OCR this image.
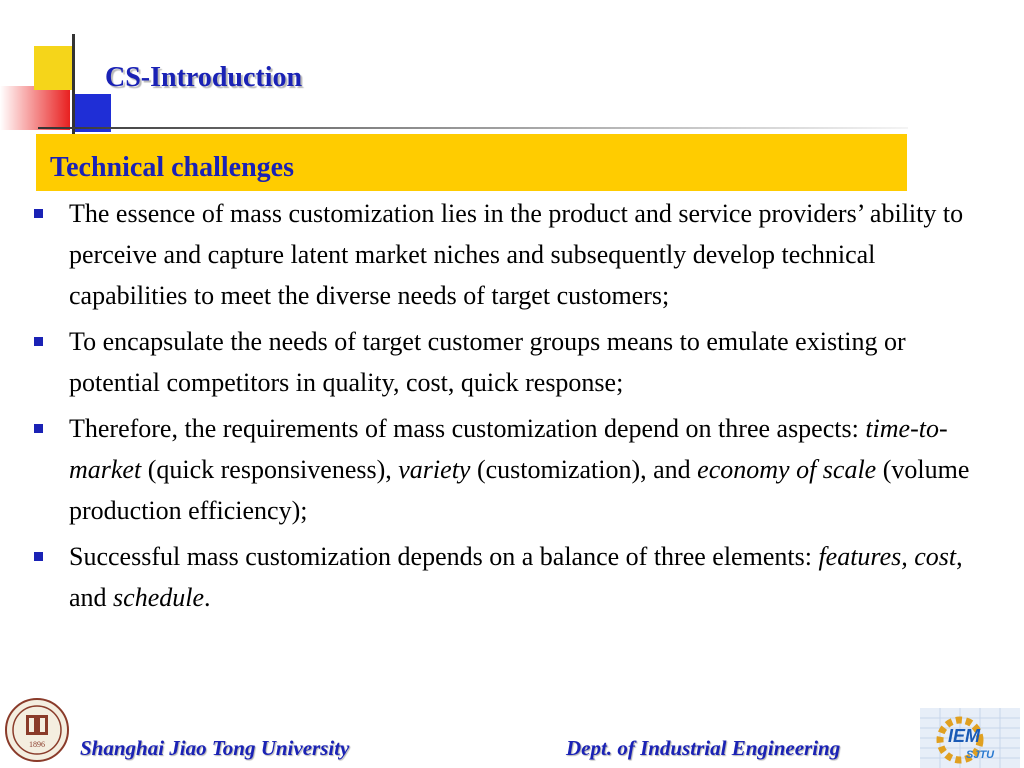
CS-Introduction
Technical challenges
The essence of mass customization lies in the product and service providers’ ability to perceive and capture latent market niches and subsequently develop technical capabilities to meet the diverse needs of target customers;
To encapsulate the needs of target customer groups means to emulate existing or potential competitors in quality, cost, quick response;
Therefore, the requirements of mass customization depend on three aspects: time-to-market (quick responsiveness), variety (customization), and economy of scale (volume production efficiency);
Successful mass customization depends on a balance of three elements: features, cost, and schedule.
1896 Shanghai Jiao Tong University	Dept. of Industrial Engineering	IEM
SJTU
